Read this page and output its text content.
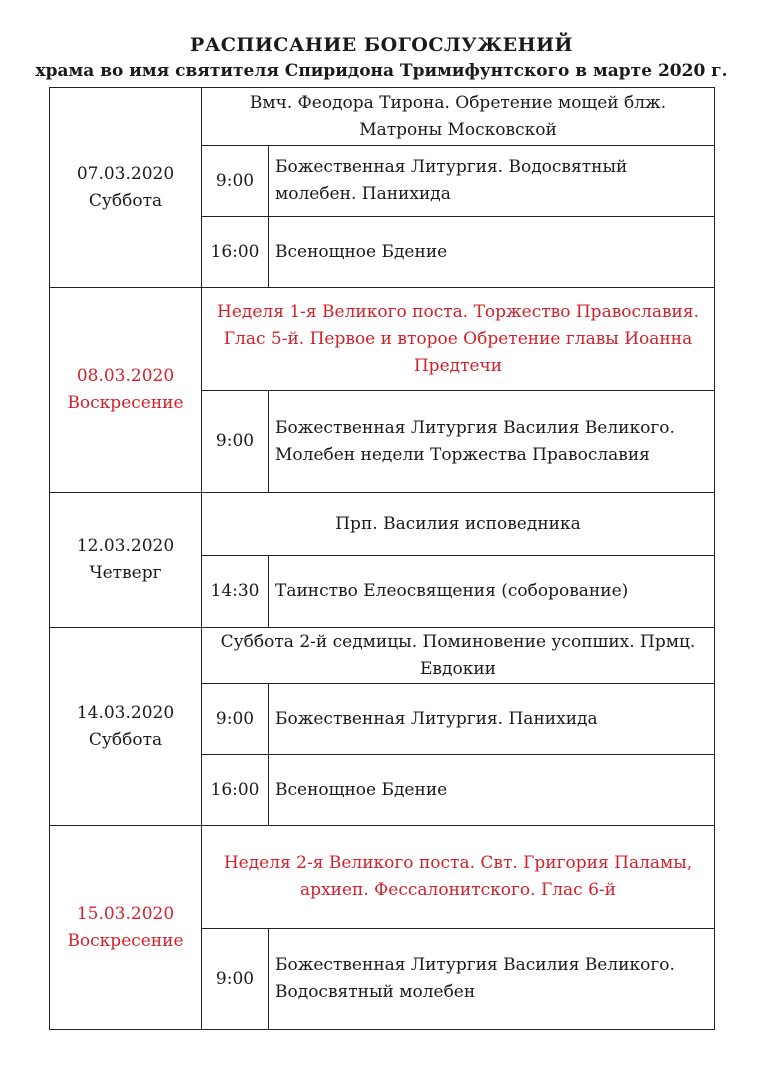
РАСПИСАНИЕ БОГОСЛУЖЕНИЙ
храма во имя святителя Спиридона Тримифунтского в марте 2020 г.
07.03.2020
Суббота	Вмч. Феодора Тирона. Обретение мощей блж. Матроны Московской	
	9:00	Божественная Литургия. Водосвятный молебен. Панихида
	16:00	Всенощное Бдение

08.03.2020
Воскресение	Неделя 1-я Великого поста. Торжество Православия. Глас 5-й. Первое и второе Обретение главы Иоанна Предтечи	
	9:00	Божественная Литургия Василия Великого. Молебен недели Торжества Православия

12.03.2020
Четверг	Прп. Василия исповедника	
	14:30	Таинство Елеосвящения (соборование)

14.03.2020
Суббота	Суббота 2-й седмицы. Поминовение усопших. Прмц. Евдокии	
	9:00	Божественная Литургия. Панихида
	16:00	Всенощное Бдение

15.03.2020
Воскресение	Неделя 2-я Великого поста. Свт. Григория Паламы, архиеп. Фессалонитского. Глас 6-й	
	9:00	Божественная Литургия Василия Великого. Водосвятный молебен
